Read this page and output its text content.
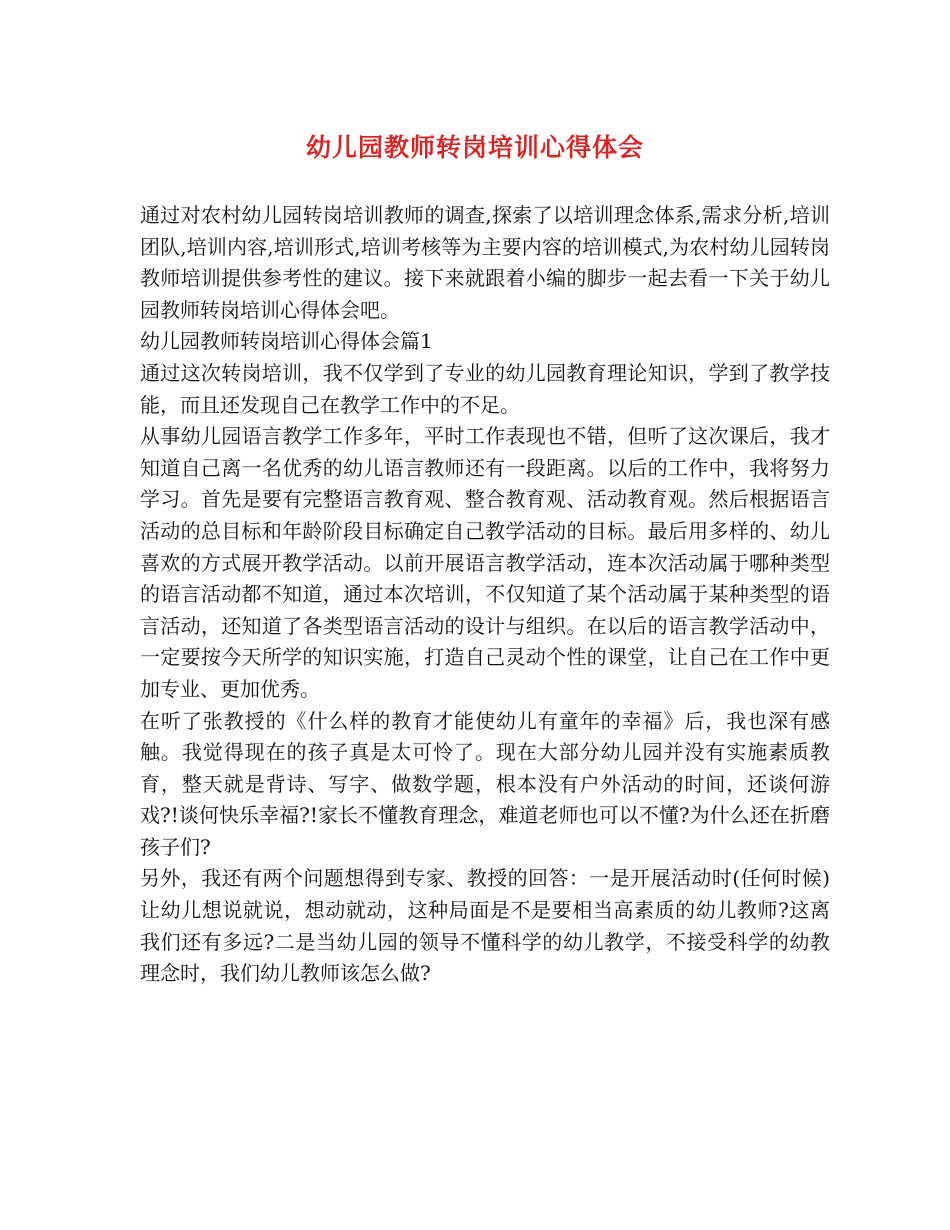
幼儿园教师转岗培训心得体会

通过对农村幼儿园转岗培训教师的调查,探索了以培训理念体系,需求分析,培训团队,培训内容,培训形式,培训考核等为主要内容的培训模式,为农村幼儿园转岗教师培训提供参考性的建议。接下来就跟着小编的脚步一起去看一下关于幼儿园教师转岗培训心得体会吧。

幼儿园教师转岗培训心得体会篇1

通过这次转岗培训，我不仅学到了专业的幼儿园教育理论知识，学到了教学技能，而且还发现自己在教学工作中的不足。

从事幼儿园语言教学工作多年，平时工作表现也不错，但听了这次课后，我才知道自己离一名优秀的幼儿语言教师还有一段距离。以后的工作中，我将努力学习。首先是要有完整语言教育观、整合教育观、活动教育观。然后根据语言活动的总目标和年龄阶段目标确定自己教学活动的目标。最后用多样的、幼儿喜欢的方式展开教学活动。以前开展语言教学活动，连本次活动属于哪种类型的语言活动都不知道，通过本次培训，不仅知道了某个活动属于某种类型的语言活动，还知道了各类型语言活动的设计与组织。在以后的语言教学活动中，一定要按今天所学的知识实施，打造自己灵动个性的课堂，让自己在工作中更加专业、更加优秀。

在听了张教授的《什么样的教育才能使幼儿有童年的幸福》后，我也深有感触。我觉得现在的孩子真是太可怜了。现在大部分幼儿园并没有实施素质教育，整天就是背诗、写字、做数学题，根本没有户外活动的时间，还谈何游戏?!谈何快乐幸福?!家长不懂教育理念，难道老师也可以不懂?为什么还在折磨孩子们?

另外，我还有两个问题想得到专家、教授的回答：一是开展活动时(任何时候)让幼儿想说就说，想动就动，这种局面是不是要相当高素质的幼儿教师?这离我们还有多远?二是当幼儿园的领导不懂科学的幼儿教学，不接受科学的幼教理念时，我们幼儿教师该怎么做?
